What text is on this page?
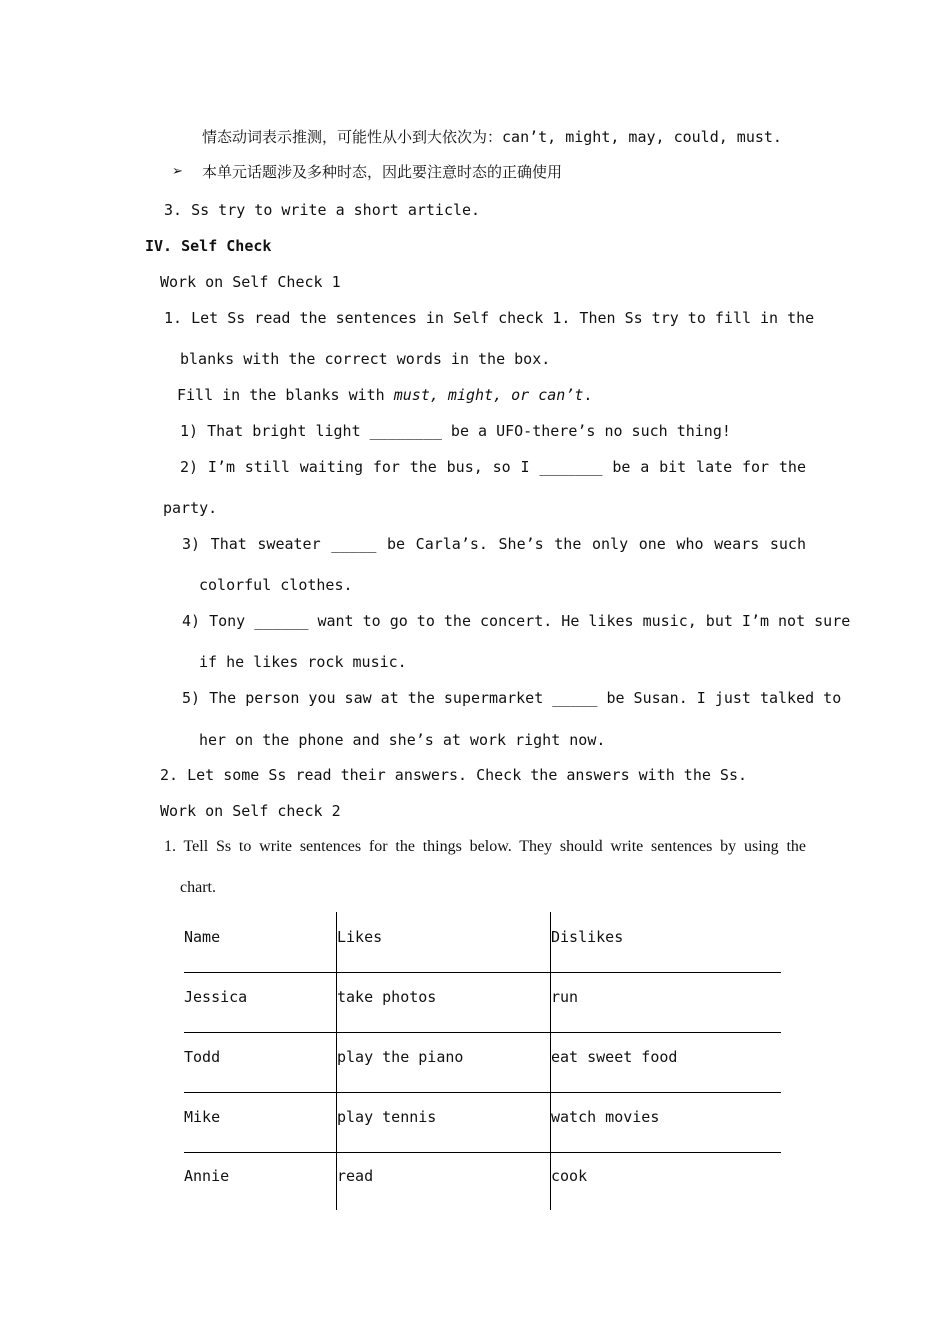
情态动词表示推测，可能性从小到大依次为：can’t, might, may, could, must.
➢ 本单元话题涉及多种时态，因此要注意时态的正确使用
3. Ss try to write a short article.
IV. Self Check
Work on Self Check 1
1. Let Ss read the sentences in Self check 1. Then Ss try to fill in the
blanks with the correct words in the box.
Fill in the blanks with must, might, or can’t.
1) That bright light ________ be a UFO-there’s no such thing!
2) I’m still waiting for the bus, so I _______ be a bit late for the
party.
3) That sweater _____ be Carla’s. She’s the only one who wears such
colorful clothes.
4) Tony ______ want to go to the concert. He likes music, but I’m not sure
if he likes rock music.
5) The person you saw at the supermarket _____ be Susan. I just talked to
her on the phone and she’s at work right now.
2. Let some Ss read their answers. Check the answers with the Ss.
Work on Self check 2
1. Tell Ss to write sentences for the things below. They should write sentences by using the
chart.
Name	Likes	Dislikes
Jessica	take photos	run
Todd	play the piano	eat sweet food
Mike	play tennis	watch movies
Annie	read	cook
